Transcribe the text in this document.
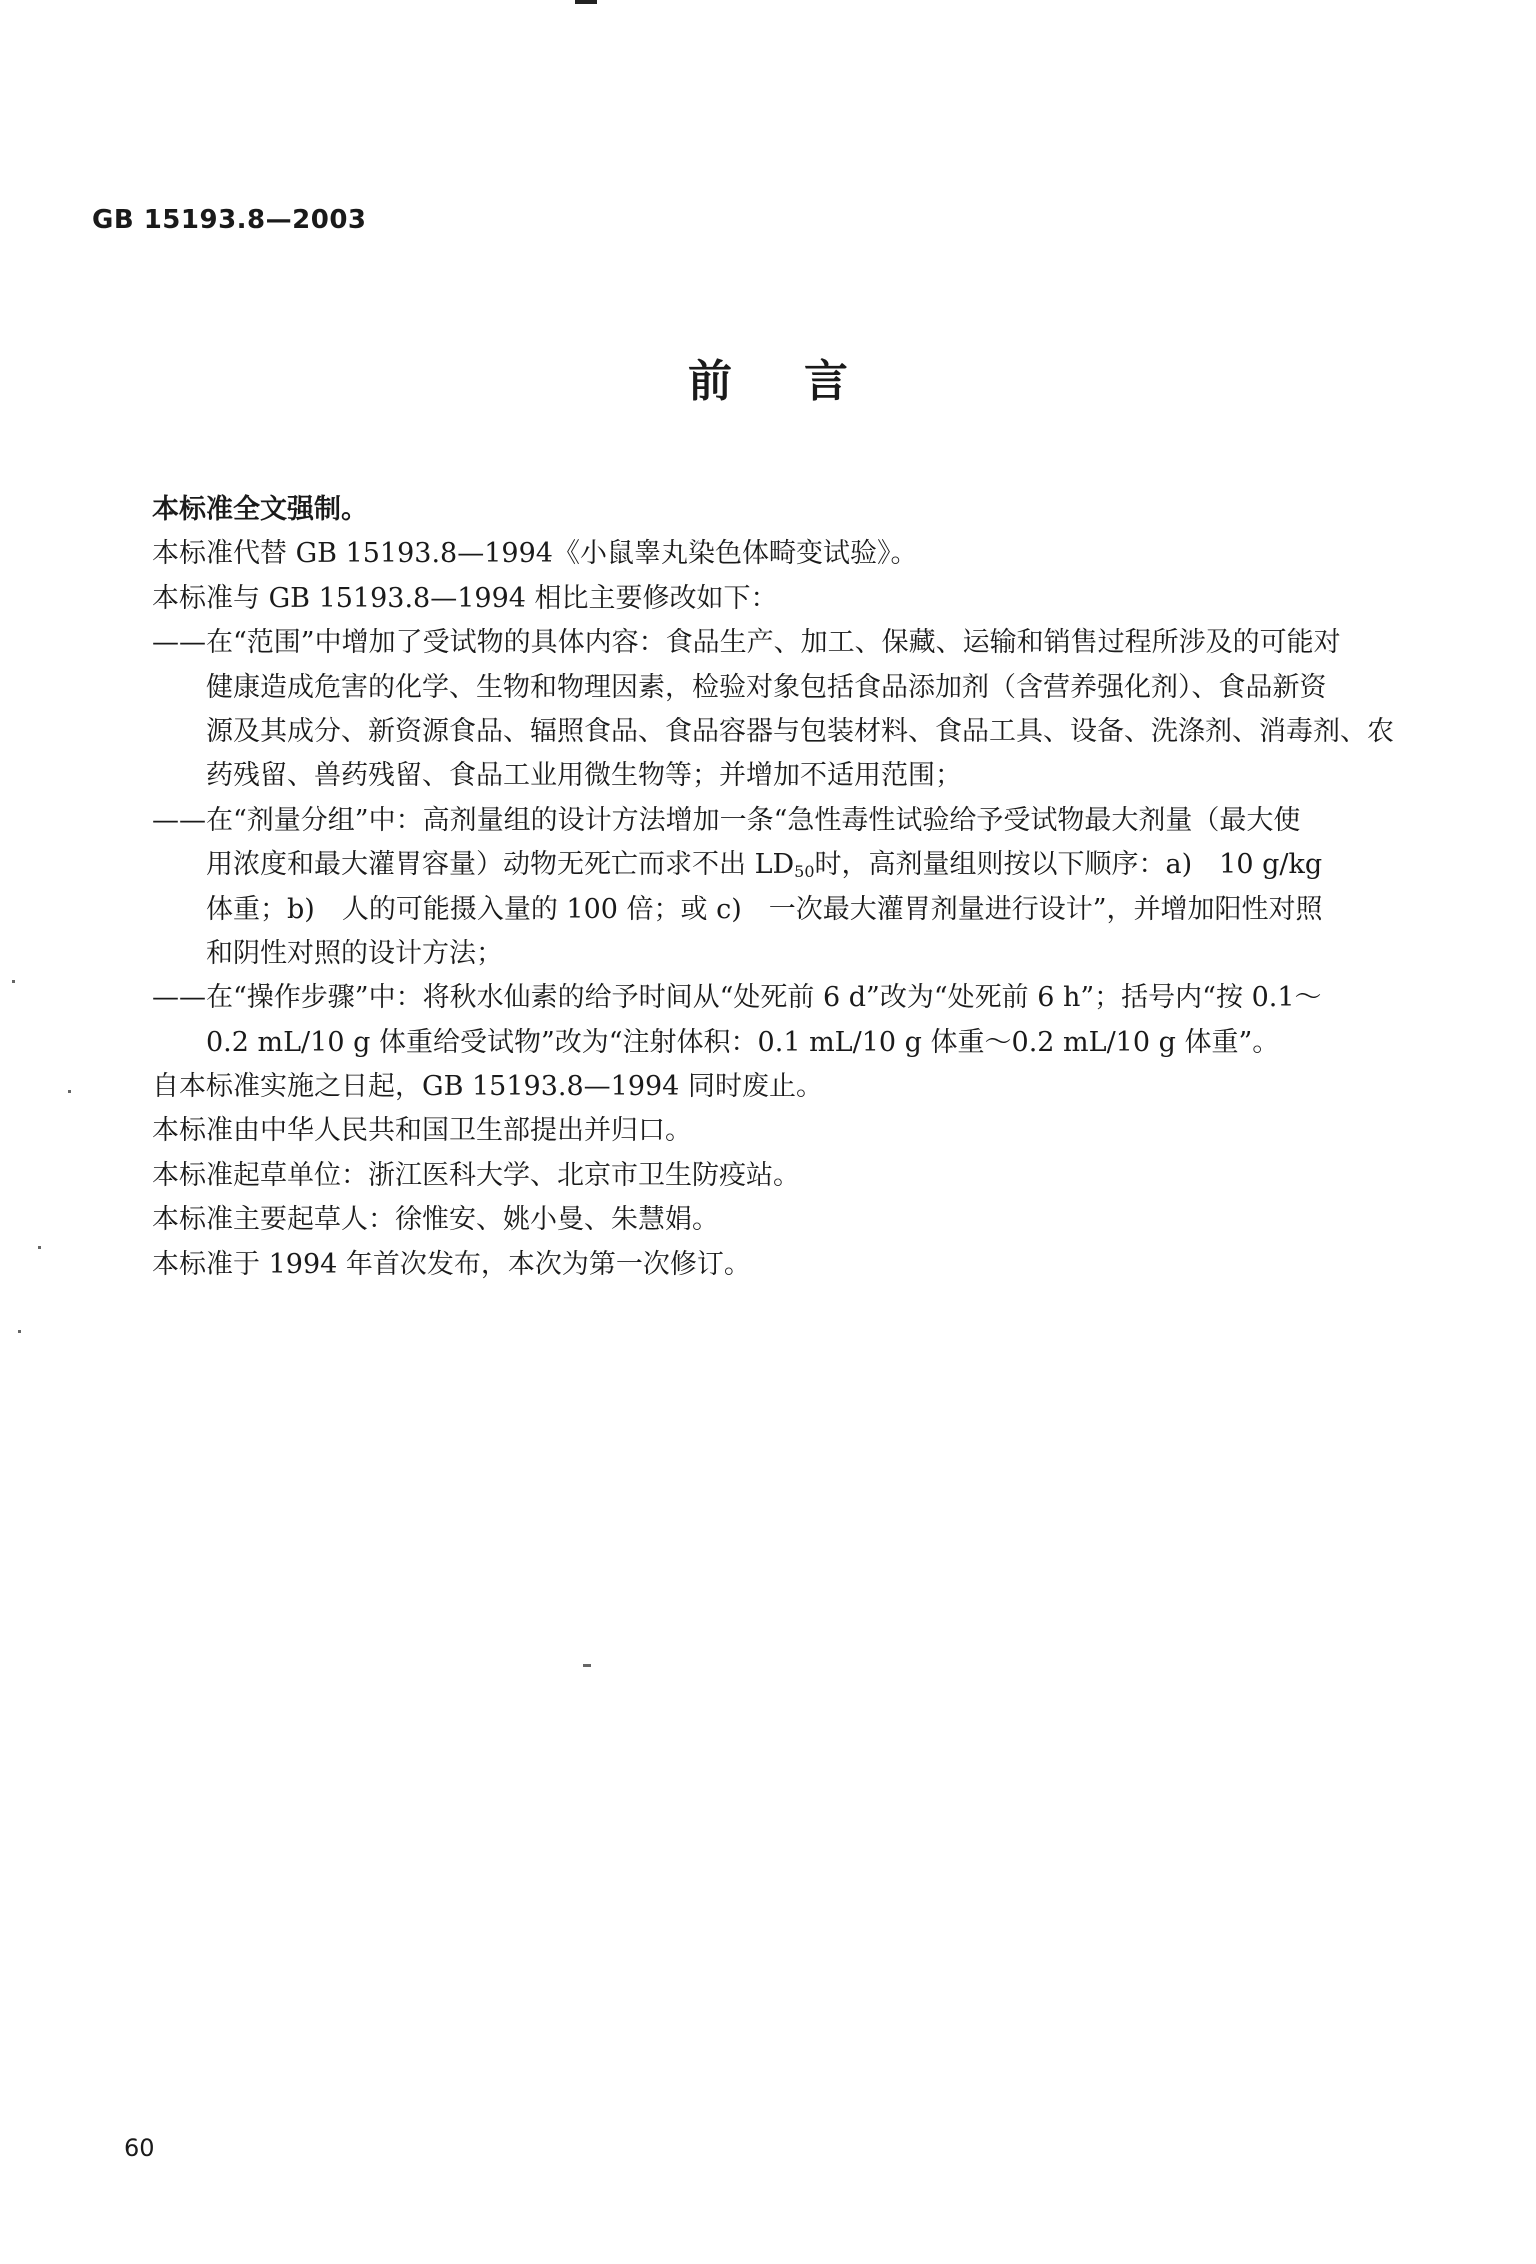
GB 15193.8—2003
前言
本标准全文强制。
本标准代替 GB 15193.8—1994《小鼠睾丸染色体畸变试验》。
本标准与 GB 15193.8—1994 相比主要修改如下：
——在“范围”中增加了受试物的具体内容：食品生产、加工、保藏、运输和销售过程所涉及的可能对
健康造成危害的化学、生物和物理因素，检验对象包括食品添加剂（含营养强化剂）、食品新资
源及其成分、新资源食品、辐照食品、食品容器与包装材料、食品工具、设备、洗涤剂、消毒剂、农
药残留、兽药残留、食品工业用微生物等；并增加不适用范围；
——在“剂量分组”中：高剂量组的设计方法增加一条“急性毒性试验给予受试物最大剂量（最大使
用浓度和最大灌胃容量）动物无死亡而求不出 $LD_{50}$时，高剂量组则按以下顺序：a)　10 g/kg
体重；b)　人的可能摄入量的 100 倍；或 c)　一次最大灌胃剂量进行设计”，并增加阳性对照
和阴性对照的设计方法；
——在“操作步骤”中：将秋水仙素的给予时间从“处死前 6 d”改为“处死前 6 h”；括号内“按 0.1～
0.2 mL/10 g 体重给受试物”改为“注射体积：0.1 mL/10 g 体重～0.2 mL/10 g 体重”。
自本标准实施之日起，GB 15193.8—1994 同时废止。
本标准由中华人民共和国卫生部提出并归口。
本标准起草单位：浙江医科大学、北京市卫生防疫站。
本标准主要起草人：徐惟安、姚小曼、朱慧娟。
本标准于 1994 年首次发布，本次为第一次修订。
60
